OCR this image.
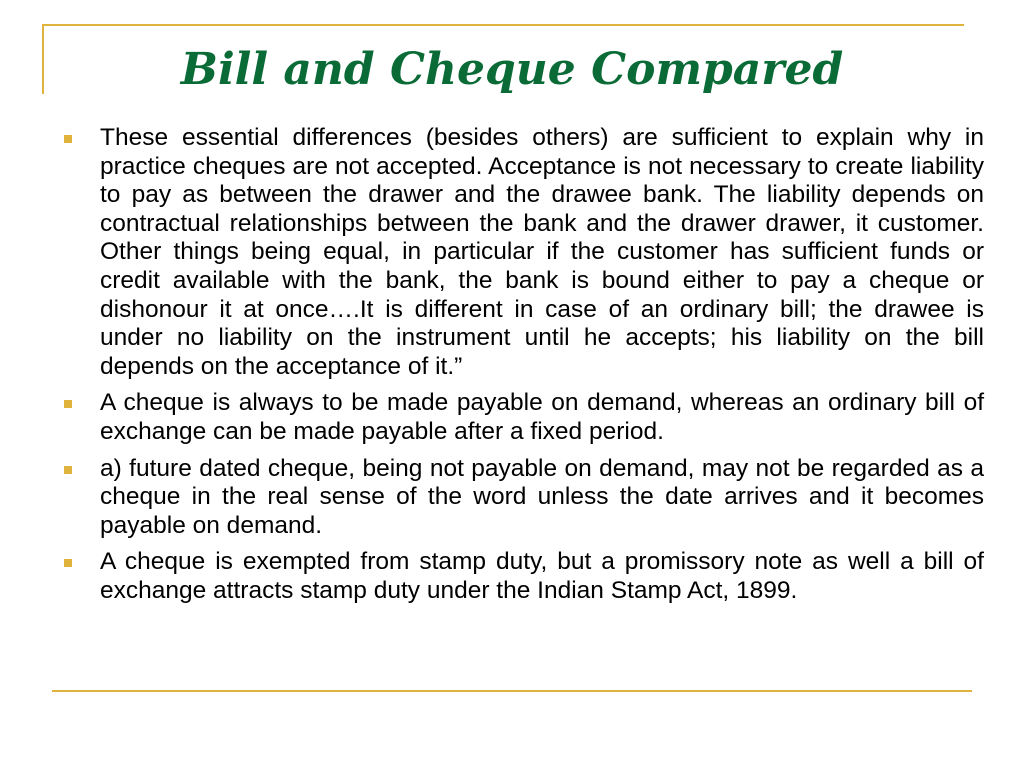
Bill and Cheque Compared
These essential differences (besides others) are sufficient to explain why in practice cheques are not accepted. Acceptance is not necessary to create liability to pay as between the drawer and the drawee bank. The liability depends on contractual relationships between the bank and the drawer drawer, it customer. Other things being equal, in particular if the customer has sufficient funds or credit available with the bank, the bank is bound either to pay a cheque or dishonour it at once….It is different in case of an ordinary bill; the drawee is under no liability on the instrument until he accepts; his liability on the bill depends on the acceptance of it.”
A cheque is always to be made payable on demand, whereas an ordinary bill of exchange can be made payable after a fixed period.
a) future dated cheque, being not payable on demand, may not be regarded as a cheque in the real sense of the word unless the date arrives and it becomes payable on demand.
A cheque is exempted from stamp duty, but a promissory note as well a bill of exchange attracts stamp duty under the Indian Stamp Act, 1899.
